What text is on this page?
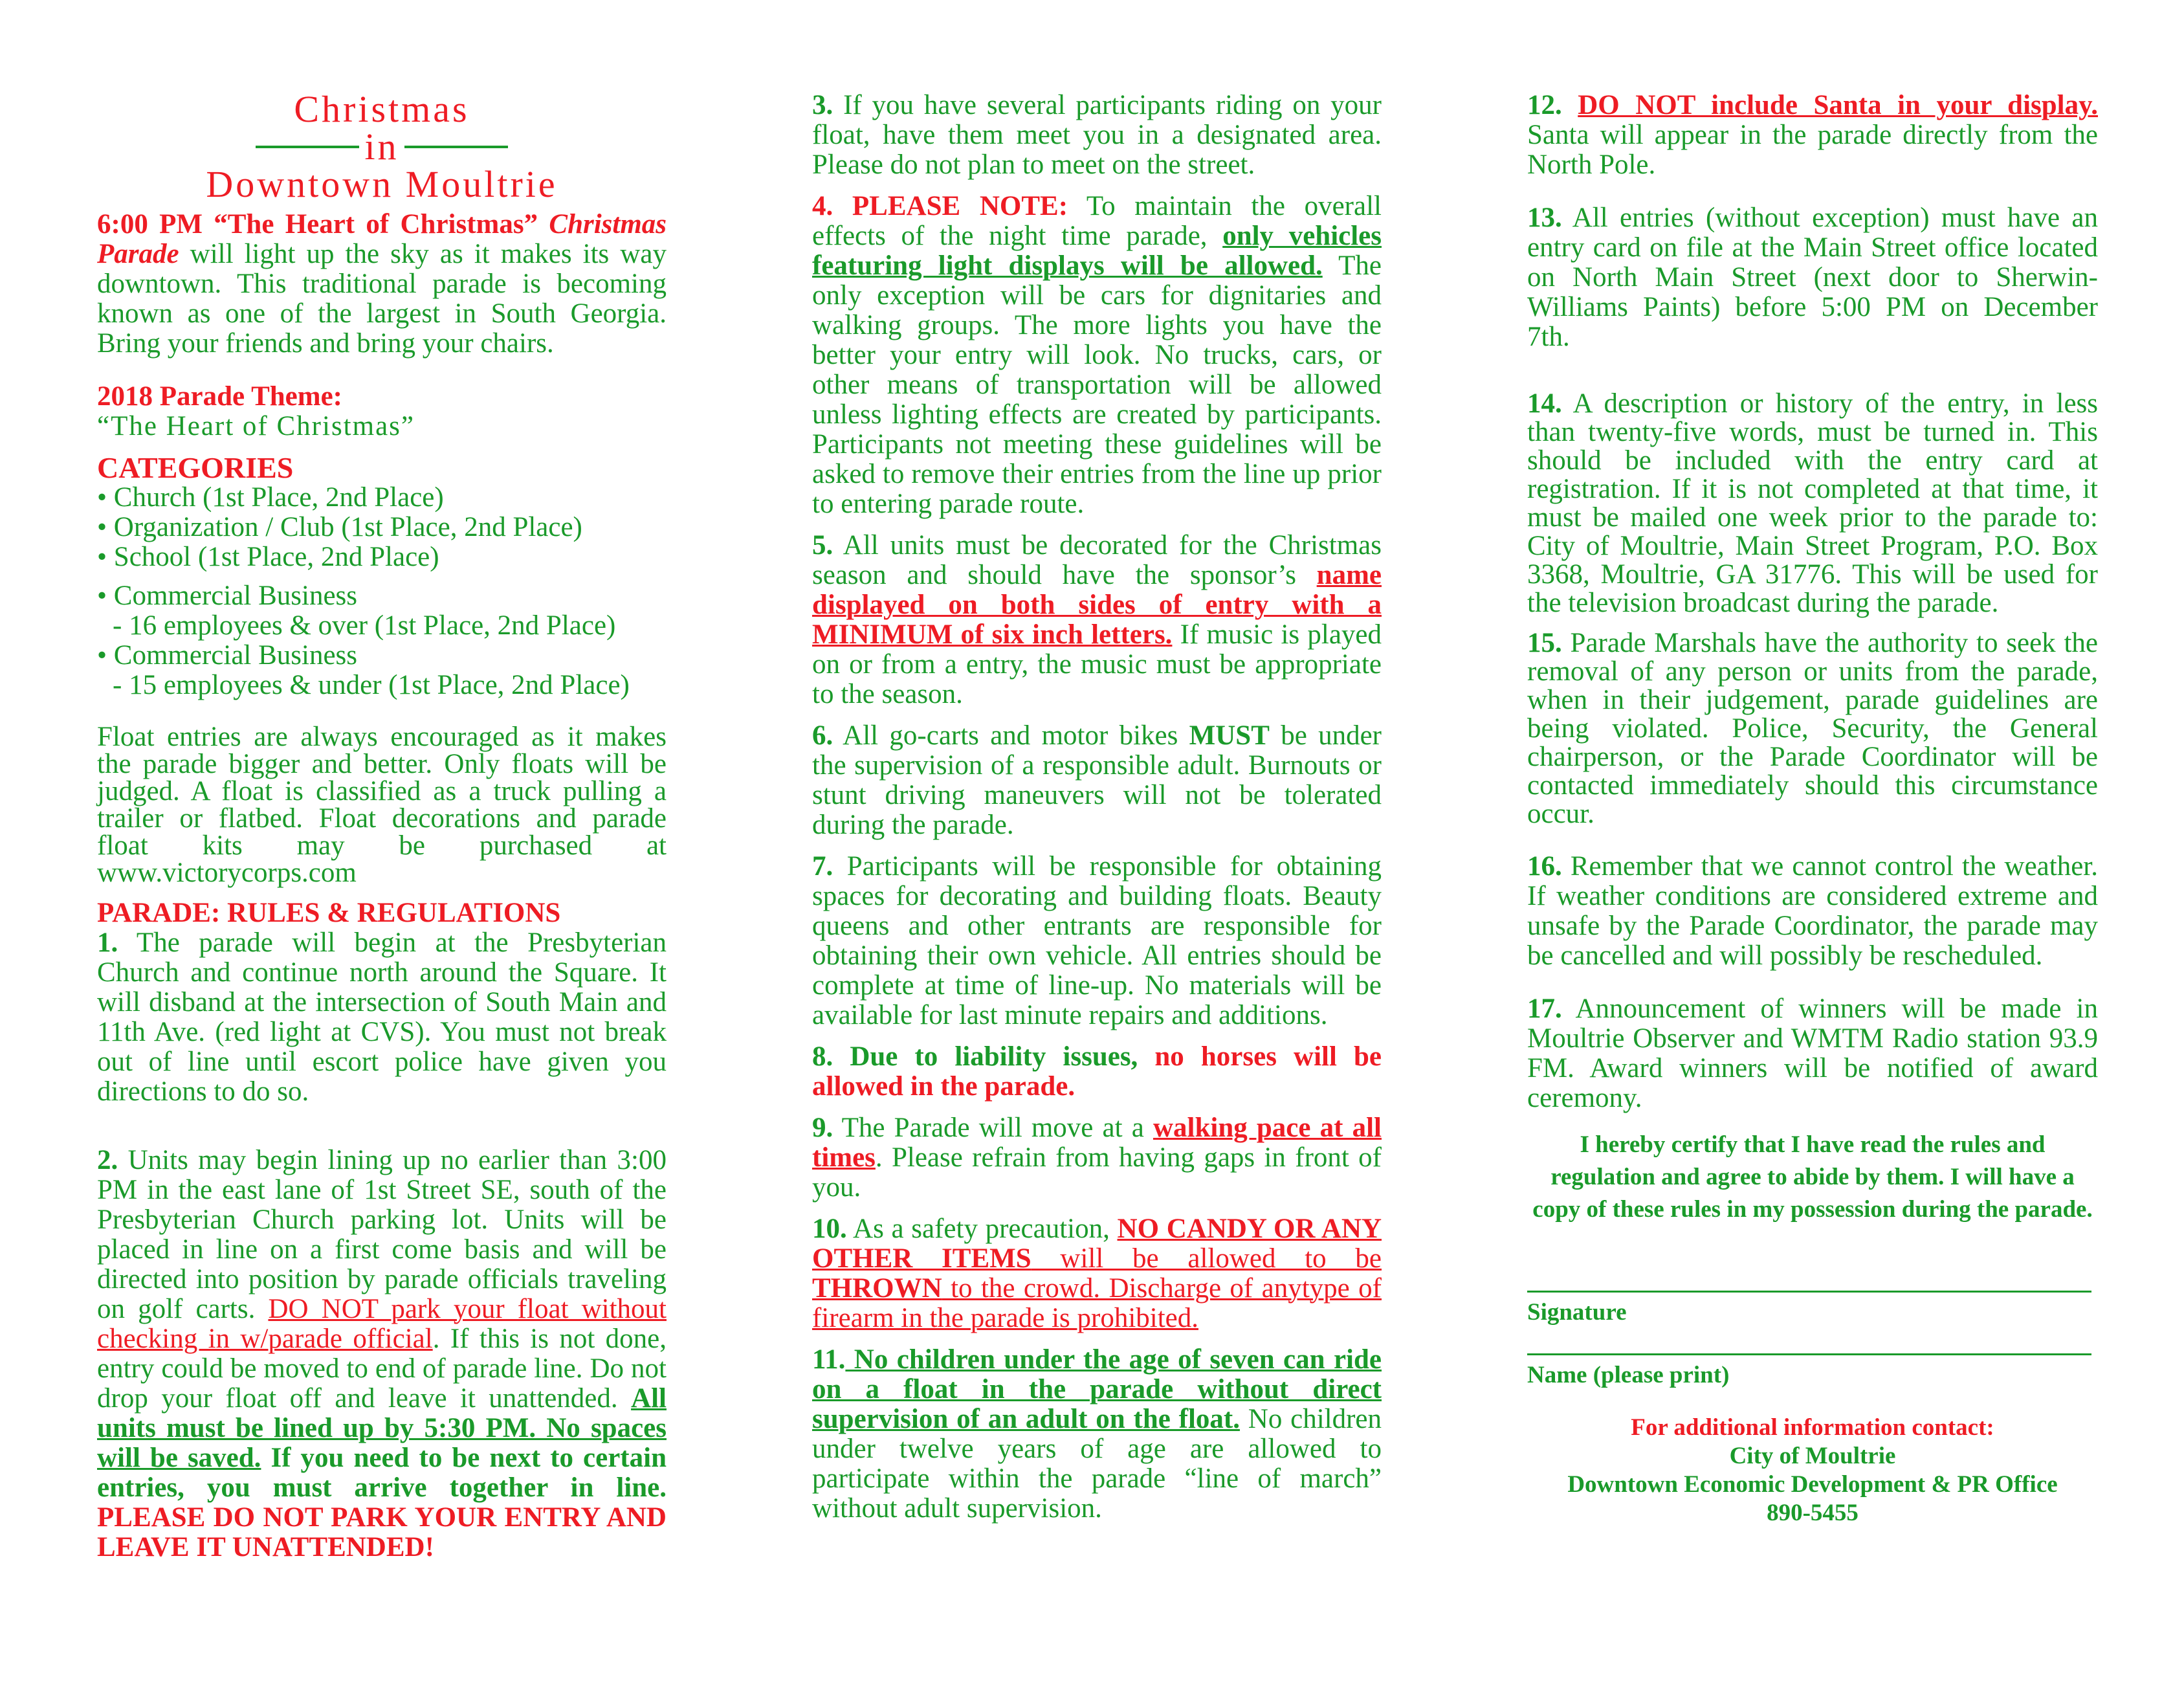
Christmas
in
Downtown Moultrie

6:00 PM “The Heart of Christmas” Christmas Parade will light up the sky as it makes its way downtown. This traditional parade is becoming known as one of the largest in South Georgia. Bring your friends and bring your chairs.

2018 Parade Theme:

“The Heart of Christmas”

CATEGORIES

• Church (1st Place, 2nd Place)

• Organization / Club (1st Place, 2nd Place)

• School (1st Place, 2nd Place)

• Commercial Business

- 16 employees & over (1st Place, 2nd Place)

• Commercial Business

- 15 employees & under (1st Place, 2nd Place)

Float entries are always encouraged as it makes the parade bigger and better. Only floats will be judged. A float is classified as a truck pulling a trailer or flatbed. Float decorations and parade float kits may be purchased at www.victorycorps.com

PARADE: RULES & REGULATIONS

1. The parade will begin at the Presbyterian Church and continue north around the Square. It will disband at the intersection of South Main and 11th Ave. (red light at CVS). You must not break out of line until escort police have given you directions to do so.

2. Units may begin lining up no earlier than 3:00 PM in the east lane of 1st Street SE, south of the Presbyterian Church parking lot. Units will be placed in line on a first come basis and will be directed into position by parade officials traveling on golf carts. DO NOT park your float without checking in w/parade official. If this is not done, entry could be moved to end of parade line. Do not drop your float off and leave it unattended. All units must be lined up by 5:30 PM. No spaces will be saved. If you need to be next to certain entries, you must arrive together in line. PLEASE DO NOT PARK YOUR ENTRY AND LEAVE IT UNATTENDED!

3. If you have several participants riding on your float, have them meet you in a designated area. Please do not plan to meet on the street.

4. PLEASE NOTE: To maintain the overall effects of the night time parade, only vehicles featuring light displays will be allowed. The only exception will be cars for dignitaries and walking groups. The more lights you have the better your entry will look. No trucks, cars, or other means of transportation will be allowed unless lighting effects are created by participants. Participants not meeting these guidelines will be asked to remove their entries from the line up prior to entering parade route.

5. All units must be decorated for the Christmas season and should have the sponsor’s name displayed on both sides of entry with a MINIMUM of six inch letters. If music is played on or from a entry, the music must be appropriate to the season.

6. All go-carts and motor bikes MUST be under the supervision of a responsible adult. Burnouts or stunt driving maneuvers will not be tolerated during the parade.

7. Participants will be responsible for obtaining spaces for decorating and building floats. Beauty queens and other entrants are responsible for obtaining their own vehicle. All entries should be complete at time of line-up. No materials will be available for last minute repairs and additions.

8. Due to liability issues, no horses will be allowed in the parade.

9. The Parade will move at a walking pace at all times. Please refrain from having gaps in front of you.

10. As a safety precaution, NO CANDY OR ANY OTHER ITEMS will be allowed to be THROWN to the crowd. Discharge of anytype of firearm in the parade is prohibited.

11. No children under the age of seven can ride on a float in the parade without direct supervision of an adult on the float. No children under twelve years of age are allowed to participate within the parade “line of march” without adult supervision.

12. DO NOT include Santa in your display. Santa will appear in the parade directly from the North Pole.

13. All entries (without exception) must have an entry card on file at the Main Street office located on North Main Street (next door to Sherwin-Williams Paints) before 5:00 PM on December 7th.

14. A description or history of the entry, in less than twenty-five words, must be turned in. This should be included with the entry card at registration. If it is not completed at that time, it must be mailed one week prior to the parade to: City of Moultrie, Main Street Program, P.O. Box 3368, Moultrie, GA 31776. This will be used for the television broadcast during the parade.

15. Parade Marshals have the authority to seek the removal of any person or units from the parade, when in their judgement, parade guidelines are being violated. Police, Security, the General chairperson, or the Parade Coordinator will be contacted immediately should this circumstance occur.

16. Remember that we cannot control the weather. If weather conditions are considered extreme and unsafe by the Parade Coordinator, the parade may be cancelled and will possibly be rescheduled.

17. Announcement of winners will be made in Moultrie Observer and WMTM Radio station 93.9 FM. Award winners will be notified of award ceremony.

I hereby certify that I have read the rules and regulation and agree to abide by them. I will have a copy of these rules in my possession during the parade.

Signature
Name (please print)
For additional information contact:
City of Moultrie
Downtown Economic Development & PR Office
890-5455
